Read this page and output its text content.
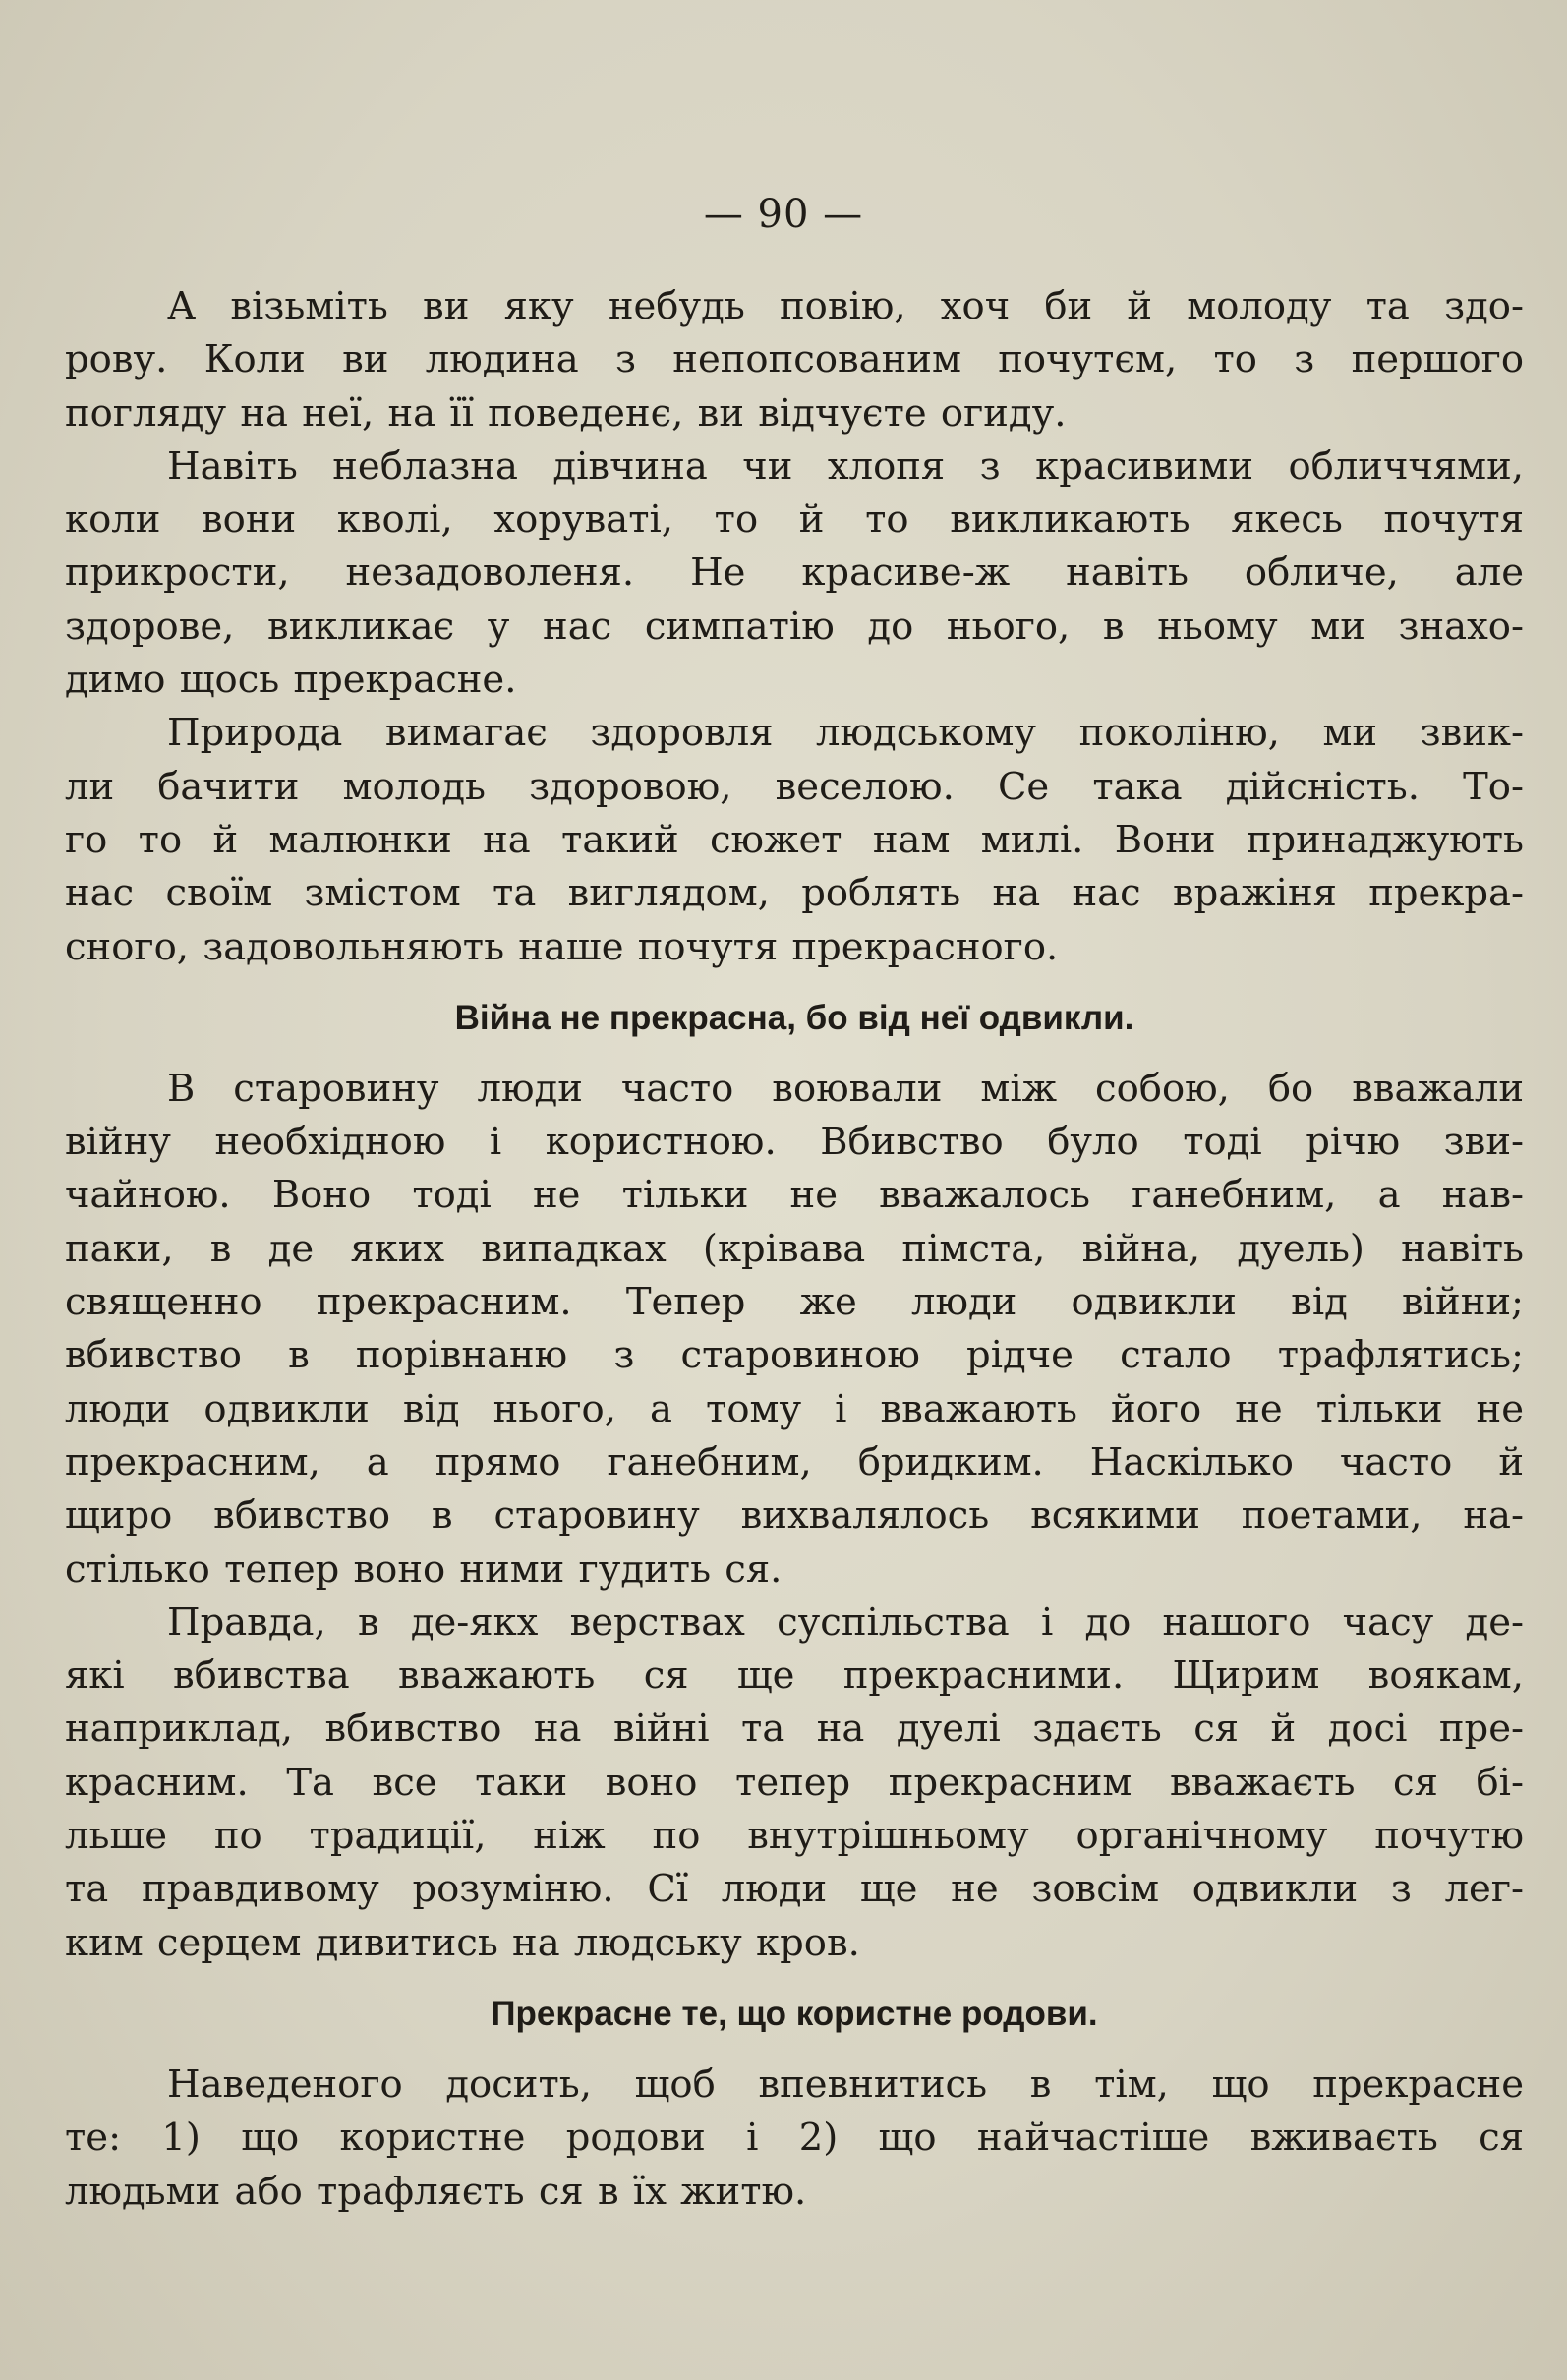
— 90 —

А візьміть ви яку небудь повію, хоч би й молоду та здо-
рову. Коли ви людина з непопсованим почутєм, то з першого
погляду на неї, на її поведенє, ви відчуєте огиду.

Навіть неблазна дівчина чи хлопя з красивими обличчями,
коли вони кволі, хоруваті, то й то викликають якесь почутя
прикрости, незадоволеня. Не красиве-ж навіть обличе, але
здорове, викликає у нас симпатію до нього, в ньому ми знахо-
димо щось прекрасне.

Природа вимагає здоровля людському поколіню, ми звик-
ли бачити молодь здоровою, веселою. Се така дійсність. То-
го то й малюнки на такий сюжет нам милі. Вони принаджують
нас своїм змістом та виглядом, роблять на нас вражіня прекра-
сного, задовольняють наше почутя прекрасного.

Війна не прекрасна, бо від неї одвикли.

В старовину люди часто воювали між собою, бо вважали
війну необхідною і користною. Вбивство було тоді річю зви-
чайною. Воно тоді не тільки не вважалось ганебним, а нав-
паки, в де яких випадках (крівава пімста, війна, дуель) навіть
священно прекрасним. Тепер же люди одвикли від війни;
вбивство в порівнаню з старовиною рідче стало трафлятись;
люди одвикли від нього, а тому і вважають його не тільки не
прекрасним, а прямо ганебним, бридким. Наскілько часто й
щиро вбивство в старовину вихвалялось всякими поетами, на-
стілько тепер воно ними гудить ся.

Правда, в де-якх верствах суспільства і до нашого часу де-
які вбивства вважають ся ще прекрасними. Щирим воякам,
наприклад, вбивство на війні та на дуелі здаєть ся й досі пре-
красним. Та все таки воно тепер прекрасним вважаєть ся бі-
льше по традиції, ніж по внутрішньому органічному почутю
та правдивому розуміню. Сї люди ще не зовсім одвикли з лег-
ким серцем дивитись на людську кров.

Прекрасне те, що користне родови.

Наведеного досить, щоб впевнитись в тім, що прекрасне
те: 1) що користне родови і 2) що найчастіше вживаєть ся
людьми або трафляєть ся в їх житю.
